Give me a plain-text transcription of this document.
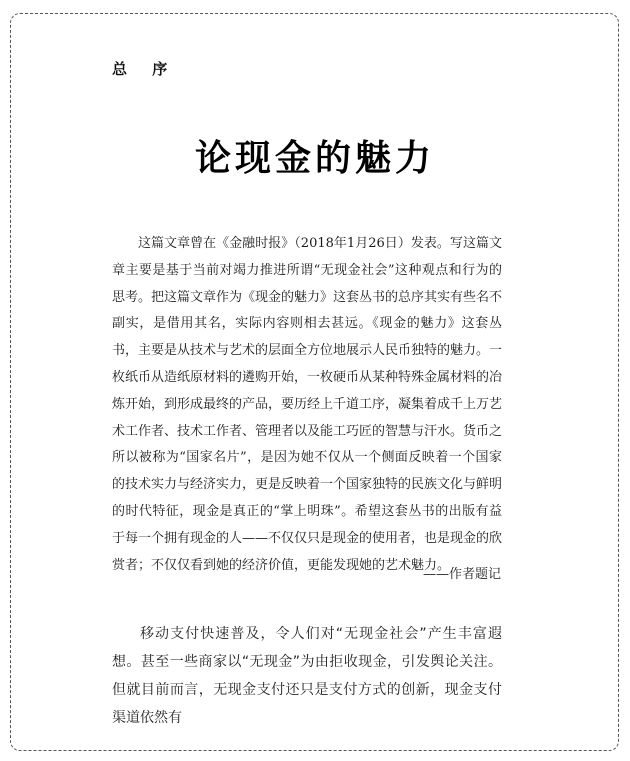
总 序
论现金的魅力

这篇文章曾在《金融时报》（2018年1月26日）发表。写这篇文章主要是基于当前对竭力推进所谓“无现金社会”这种观点和行为的思考。把这篇文章作为《现金的魅力》这套丛书的总序其实有些名不副实，是借用其名，实际内容则相去甚远。《现金的魅力》这套丛书，主要是从技术与艺术的层面全方位地展示人民币独特的魅力。一枚纸币从造纸原材料的遴购开始，一枚硬币从某种特殊金属材料的冶炼开始，到形成最终的产品，要历经上千道工序，凝集着成千上万艺术工作者、技术工作者、管理者以及能工巧匠的智慧与汗水。货币之所以被称为“国家名片”，是因为她不仅从一个侧面反映着一个国家的技术实力与经济实力，更是反映着一个国家独特的民族文化与鲜明的时代特征，现金是真正的“掌上明珠”。希望这套丛书的出版有益于每一个拥有现金的人——不仅仅只是现金的使用者，也是现金的欣赏者；不仅仅看到她的经济价值，更能发现她的艺术魅力。

——作者题记

移动支付快速普及，令人们对“无现金社会”产生丰富遐想。甚至一些商家以“无现金”为由拒收现金，引发舆论关注。但就目前而言，无现金支付还只是支付方式的创新，现金支付渠道依然有
